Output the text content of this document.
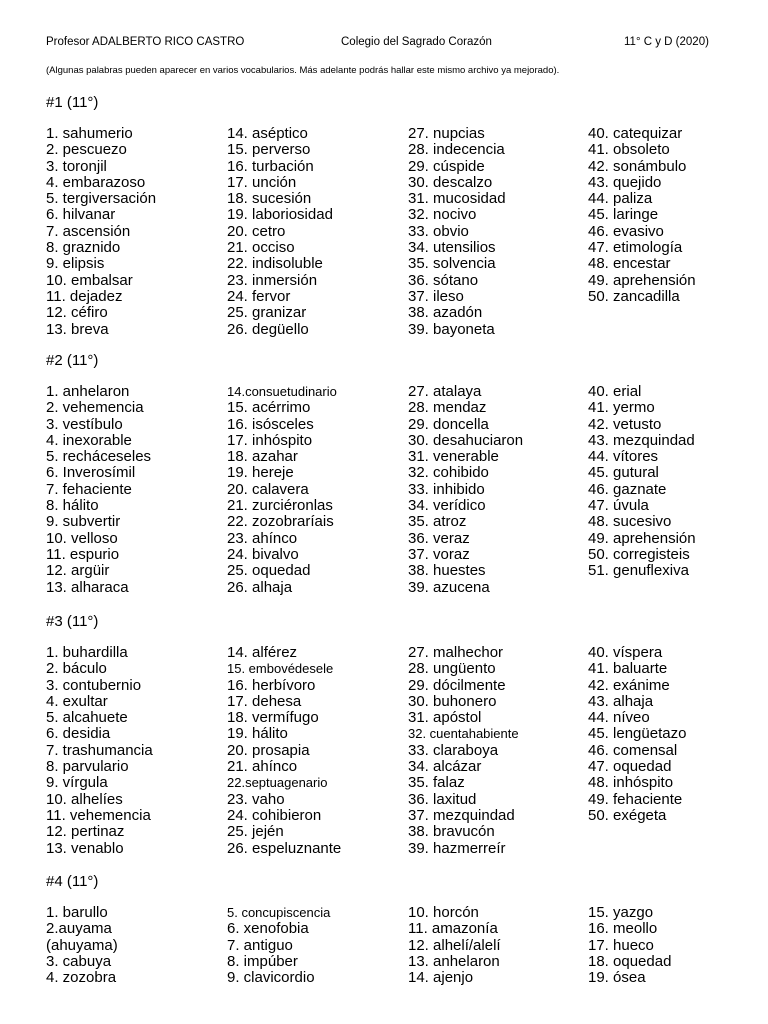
Profesor ADALBERTO RICO CASTRO	Colegio del Sagrado Corazón	11° C y D (2020)
(Algunas palabras pueden aparecer en varios vocabularios. Más adelante podrás hallar este mismo archivo ya mejorado).
#1 (11°)
1. sahumerio
2. pescuezo
3. toronjil
4. embarazoso
5. tergiversación
6. hilvanar
7. ascensión
8. graznido
9. elipsis
10. embalsar
11. dejadez
12. céfiro
13. breva
14. aséptico
15. perverso
16. turbación
17. unción
18. sucesión
19. laboriosidad
20. cetro
21. occiso
22. indisoluble
23. inmersión
24. fervor
25. granizar
26. degüello
27. nupcias
28. indecencia
29. cúspide
30. descalzo
31. mucosidad
32. nocivo
33. obvio
34. utensilios
35. solvencia
36. sótano
37. ileso
38. azadón
39. bayoneta
40. catequizar
41. obsoleto
42. sonámbulo
43. quejido
44. paliza
45. laringe
46. evasivo
47. etimología
48. encestar
49. aprehensión
50. zancadilla
#2 (11°)
1. anhelaron
2. vehemencia
3. vestíbulo
4. inexorable
5. recháceseles
6. Inverosímil
7. fehaciente
8. hálito
9. subvertir
10. velloso
11. espurio
12. argüir
13. alharaca
14.consuetudinario
15. acérrimo
16. isósceles
17. inhóspito
18. azahar
19. hereje
20. calavera
21. zurciéronlas
22. zozobraríais
23. ahínco
24. bivalvo
25. oquedad
26. alhaja
27. atalaya
28. mendaz
29. doncella
30. desahuciaron
31. venerable
32. cohibido
33. inhibido
34. verídico
35. atroz
36. veraz
37. voraz
38. huestes
39. azucena
40. erial
41. yermo
42. vetusto
43. mezquindad
44. vítores
45. gutural
46. gaznate
47. úvula
48. sucesivo
49. aprehensión
50. corregisteis
51. genuflexiva
#3 (11°)
1. buhardilla
2. báculo
3. contubernio
4. exultar
5. alcahuete
6. desidia
7. trashumancia
8. parvulario
9. vírgula
10. alhelíes
11. vehemencia
12. pertinaz
13. venablo
14. alférez
15. embovédesele
16. herbívoro
17. dehesa
18. vermífugo
19. hálito
20. prosapia
21. ahínco
22.septuagenario
23. vaho
24. cohibieron
25. jején
26. espeluznante
27. malhechor
28. ungüento
29. dócilmente
30. buhonero
31. apóstol
32. cuentahabiente
33. claraboya
34. alcázar
35. falaz
36. laxitud
37. mezquindad
38. bravucón
39. hazmerreír
40. víspera
41. baluarte
42. exánime
43. alhaja
44. níveo
45. lengüetazo
46. comensal
47. oquedad
48. inhóspito
49. fehaciente
50. exégeta
#4 (11°)
1. barullo
2.auyama
(ahuyama)
3. cabuya
4. zozobra
5. concupiscencia
6. xenofobia
7. antiguo
8. impúber
9. clavicordio
10. horcón
11. amazonía
12. alhelí/alelí
13. anhelaron
14. ajenjo
15. yazgo
16. meollo
17. hueco
18. oquedad
19. ósea
